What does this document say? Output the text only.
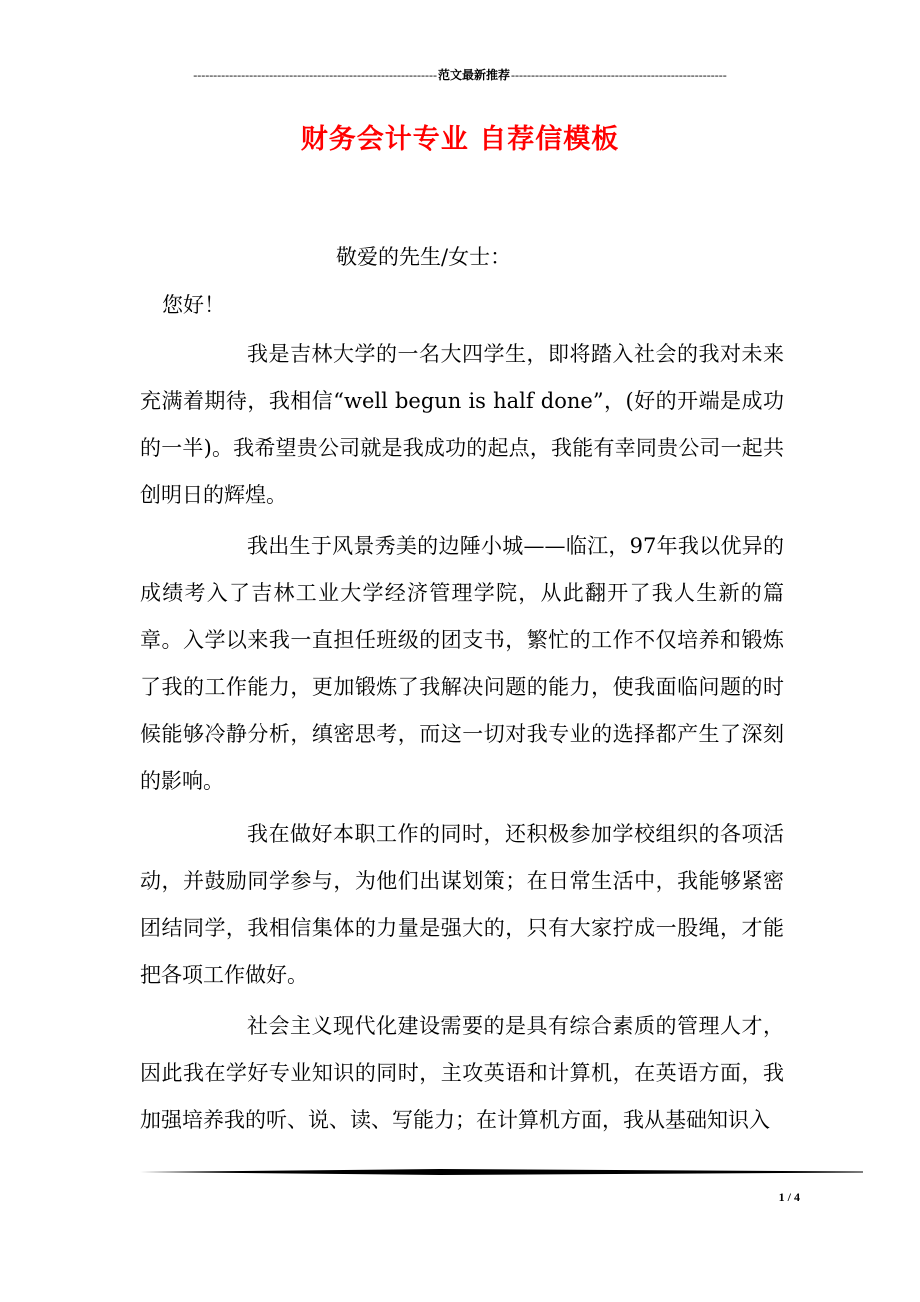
-------------------------------------------------------------范文最新推荐------------------------------------------------------
财务会计专业 自荐信模板
敬爱的先生/女士：
您好！

我是吉林大学的一名大四学生，即将踏入社会的我对未来充满着期待，我相信“well begun is half done”，(好的开端是成功的一半)。我希望贵公司就是我成功的起点，我能有幸同贵公司一起共创明日的辉煌。

我出生于风景秀美的边陲小城——临江，97年我以优异的成绩考入了吉林工业大学经济管理学院，从此翻开了我人生新的篇章。入学以来我一直担任班级的团支书，繁忙的工作不仅培养和锻炼了我的工作能力，更加锻炼了我解决问题的能力，使我面临问题的时候能够冷静分析，缜密思考，而这一切对我专业的选择都产生了深刻的影响。

我在做好本职工作的同时，还积极参加学校组织的各项活动，并鼓励同学参与，为他们出谋划策；在日常生活中，我能够紧密团结同学，我相信集体的力量是强大的，只有大家拧成一股绳，才能把各项工作做好。

社会主义现代化建设需要的是具有综合素质的管理人才，因此我在学好专业知识的同时，主攻英语和计算机，在英语方面，我加强培养我的听、说、读、写能力；在计算机方面，我从基础知识入

1 / 4
